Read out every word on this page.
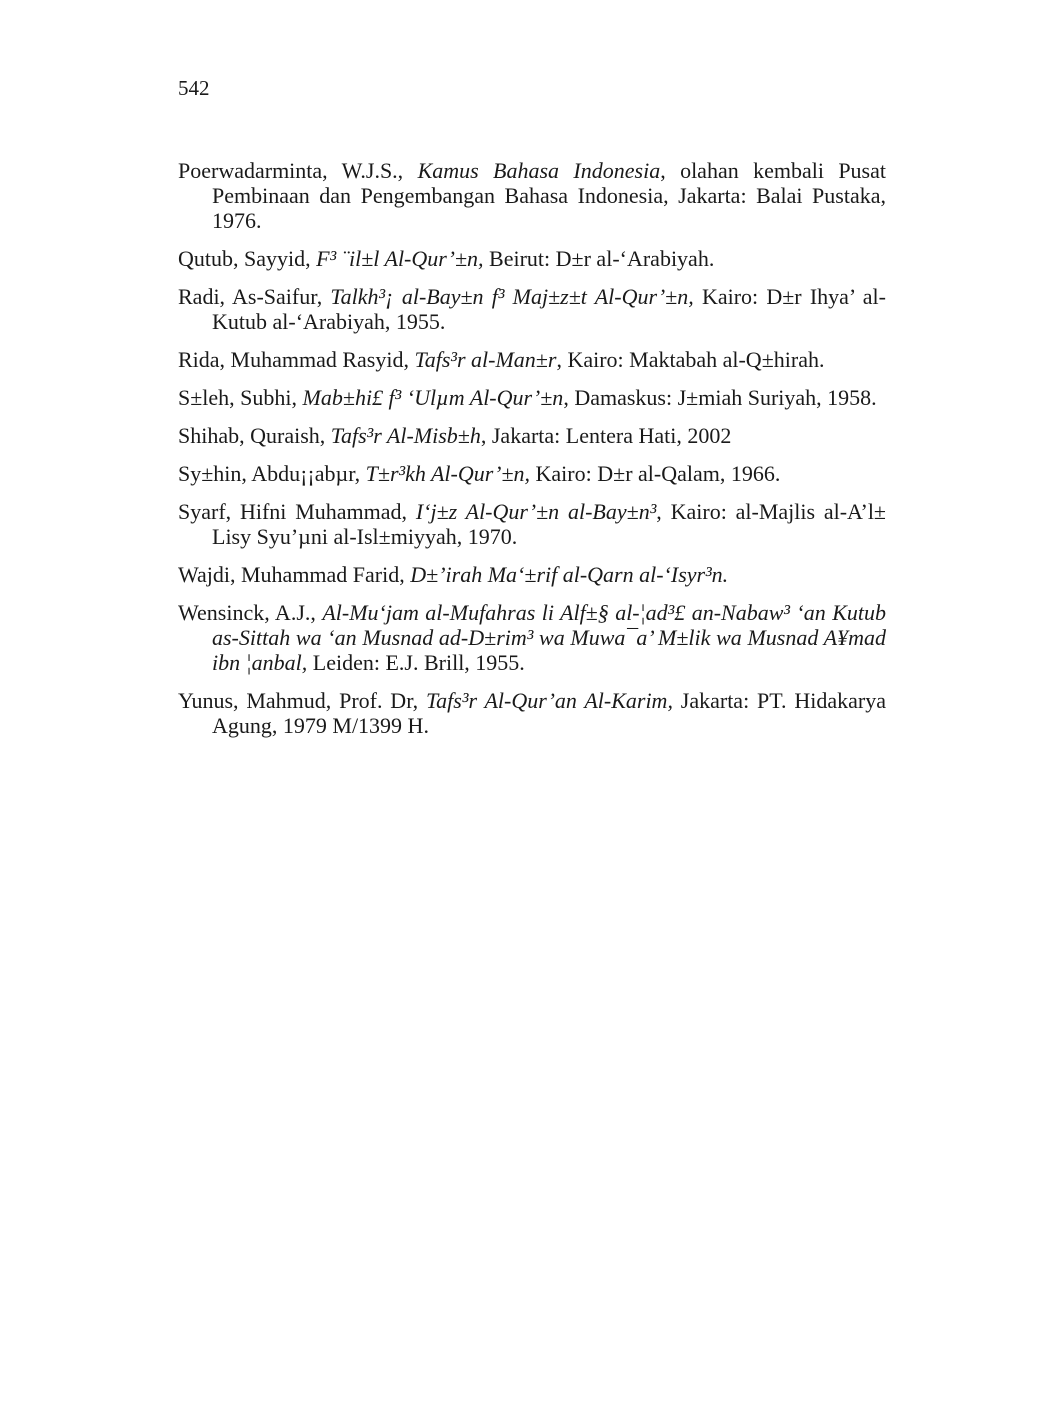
542
Poerwadarminta, W.J.S., Kamus Bahasa Indonesia, olahan kembali Pusat Pembinaan dan Pengembangan Bahasa Indonesia, Jakarta: Balai Pustaka, 1976.
Qutub, Sayyid, F³ ¨il±l Al-Qur’±n, Beirut: D±r al-‘Arabiyah.
Radi, As-Saifur, Talkh³¡ al-Bay±n f³ Maj±z±t Al-Qur’±n, Kairo: D±r Ihya’ al-Kutub al-‘Arabiyah, 1955.
Rida, Muhammad Rasyid, Tafs³r al-Man±r, Kairo: Maktabah al-Q±hirah.
S±leh, Subhi, Mab±hi£ f³ ‘Ulµm Al-Qur’±n, Damaskus: J±miah Suriyah, 1958.
Shihab, Quraish, Tafs³r Al-Misb±h, Jakarta: Lentera Hati, 2002
Sy±hin, Abdu¡¡abµr, T±r³kh Al-Qur’±n, Kairo: D±r al-Qalam, 1966.
Syarf, Hifni Muhammad, I‘j±z Al-Qur’±n al-Bay±n³, Kairo: al-Majlis al-A’l± Lisy Syu’µni al-Isl±miyyah, 1970.
Wajdi, Muhammad Farid, D±’irah Ma‘±rif al-Qarn al-‘Isyr³n.
Wensinck, A.J., Al-Mu‘jam al-Mufahras li Alf±§ al-¦ad³£ an-Nabaw³ ‘an Kutub as-Sittah wa ‘an Musnad ad-D±rim³ wa Muwa¯a’ M±lik wa Musnad A¥mad ibn ¦anbal, Leiden: E.J. Brill, 1955.
Yunus, Mahmud, Prof. Dr, Tafs³r Al-Qur’an Al-Karim, Jakarta: PT. Hidakarya Agung, 1979 M/1399 H.
